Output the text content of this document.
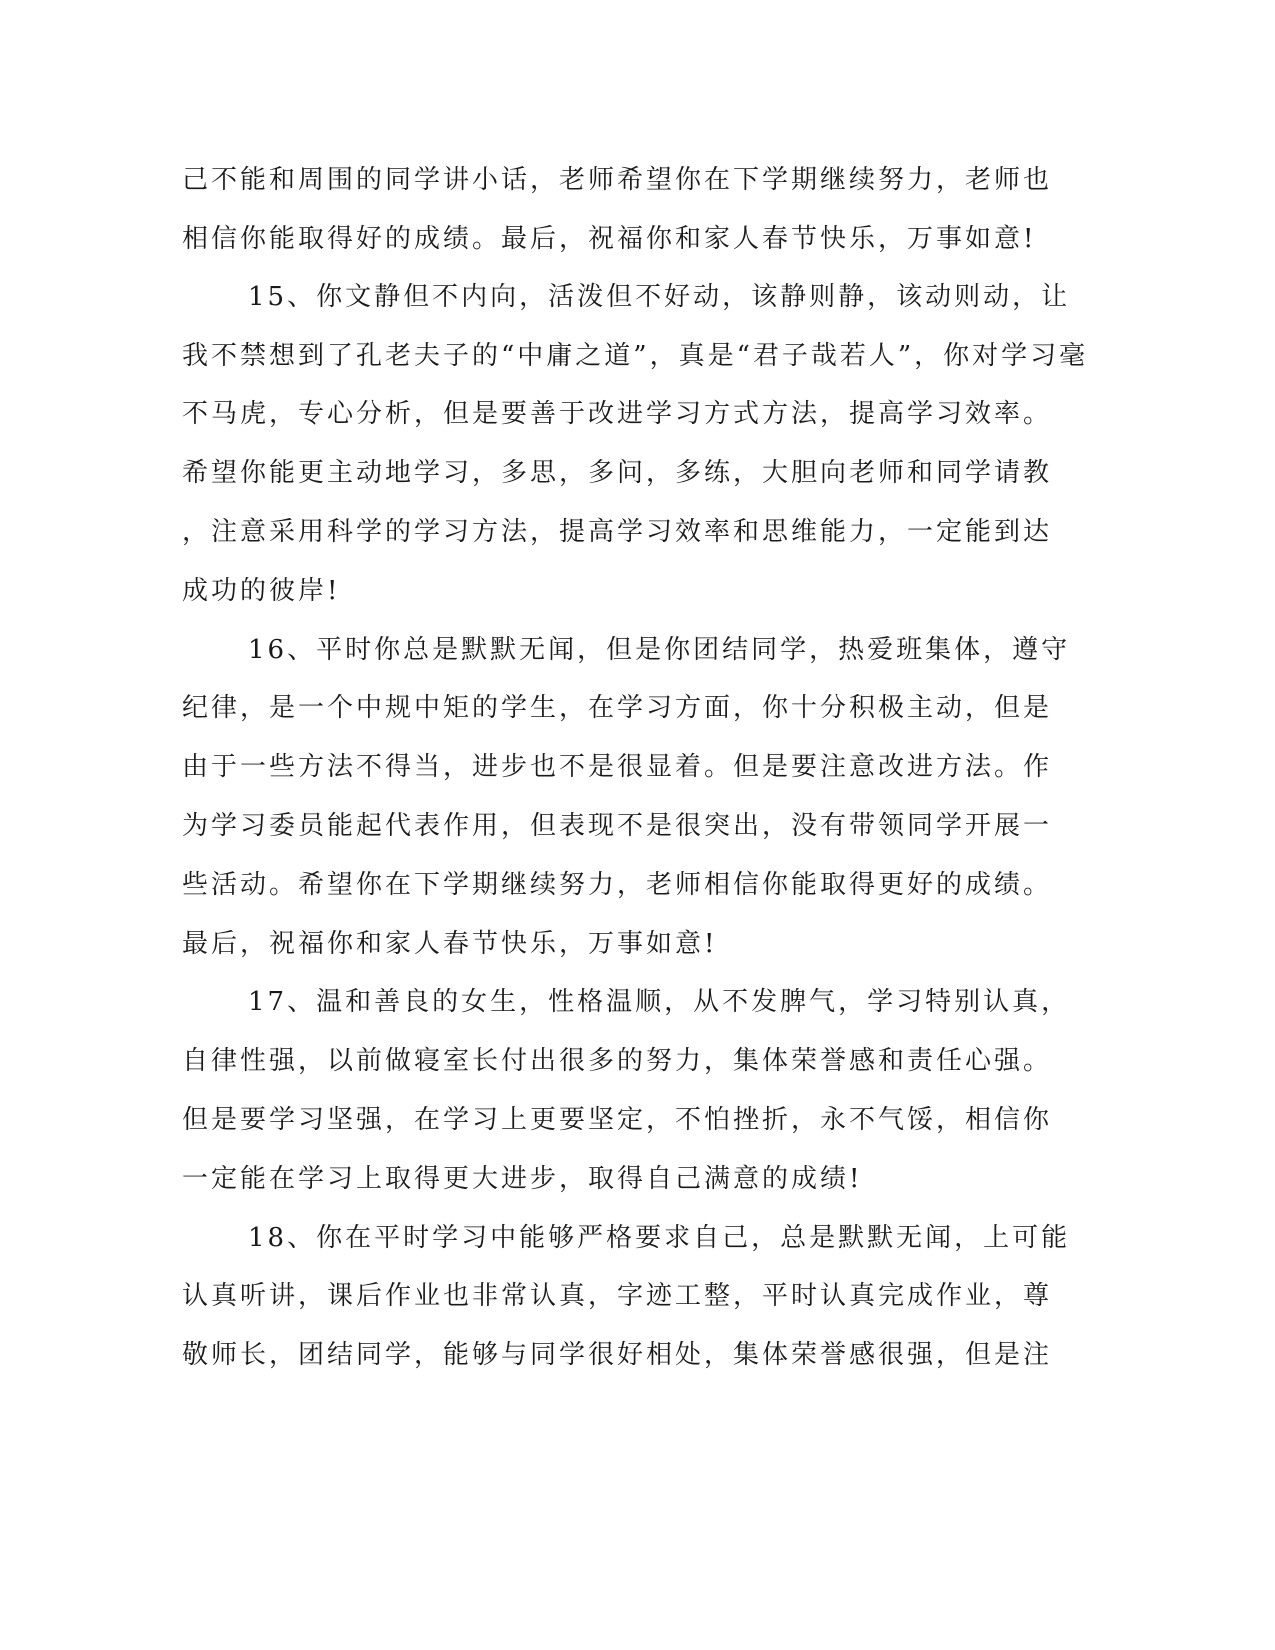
己不能和周围的同学讲小话，老师希望你在下学期继续努力，老师也

相信你能取得好的成绩。最后，祝福你和家人春节快乐，万事如意!

15、你文静但不内向，活泼但不好动，该静则静，该动则动，让

我不禁想到了孔老夫子的“中庸之道”，真是“君子哉若人”，你对学习毫

不马虎，专心分析，但是要善于改进学习方式方法，提高学习效率。

希望你能更主动地学习，多思，多问，多练，大胆向老师和同学请教

，注意采用科学的学习方法，提高学习效率和思维能力，一定能到达

成功的彼岸!

16、平时你总是默默无闻，但是你团结同学，热爱班集体，遵守

纪律，是一个中规中矩的学生，在学习方面，你十分积极主动，但是

由于一些方法不得当，进步也不是很显着。但是要注意改进方法。作

为学习委员能起代表作用，但表现不是很突出，没有带领同学开展一

些活动。希望你在下学期继续努力，老师相信你能取得更好的成绩。

最后，祝福你和家人春节快乐，万事如意!

17、温和善良的女生，性格温顺，从不发脾气，学习特别认真，

自律性强，以前做寝室长付出很多的努力，集体荣誉感和责任心强。

但是要学习坚强，在学习上更要坚定，不怕挫折，永不气馁，相信你

一定能在学习上取得更大进步，取得自己满意的成绩!

18、你在平时学习中能够严格要求自己，总是默默无闻，上可能

认真听讲，课后作业也非常认真，字迹工整，平时认真完成作业，尊

敬师长，团结同学，能够与同学很好相处，集体荣誉感很强，但是注
